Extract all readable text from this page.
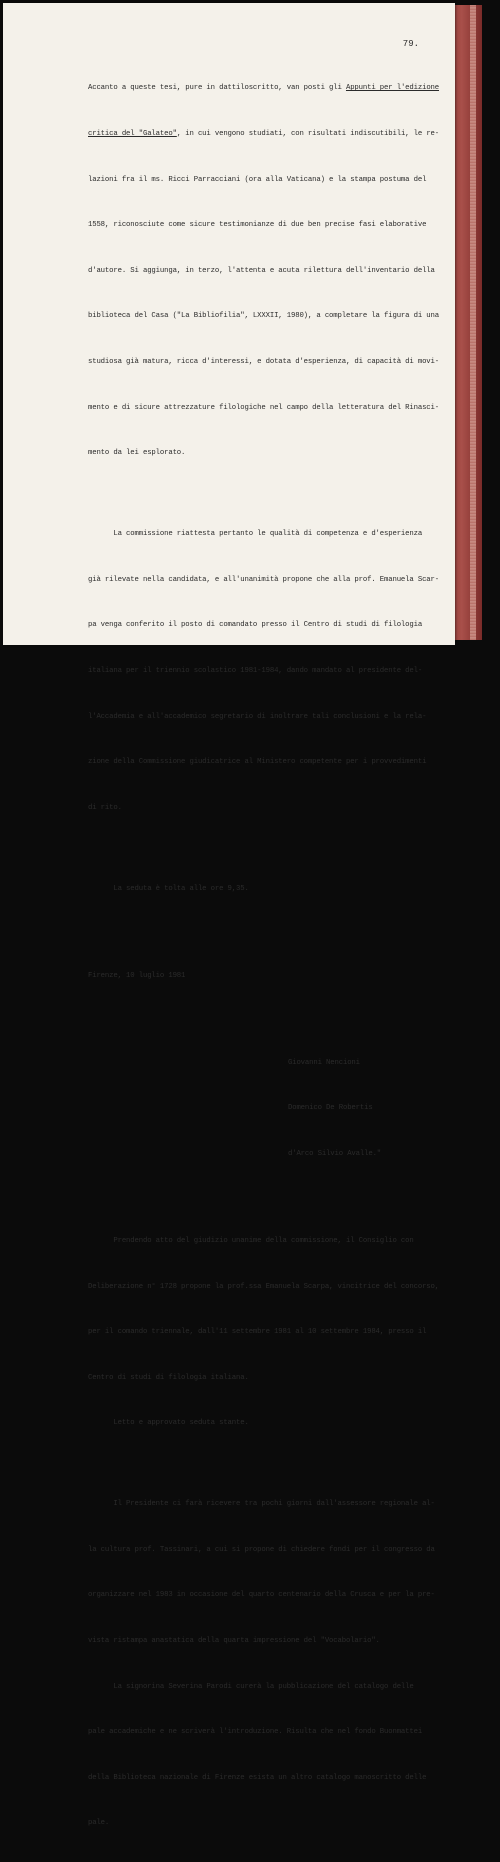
79.

Accanto a queste tesi, pure in dattiloscritto, van posti gli Appunti per l'edizione

critica del "Galateo", in cui vengono studiati, con risultati indiscutibili, le re-

lazioni fra il ms. Ricci Parracciani (ora alla Vaticana) e la stampa postuma del

1558, riconosciute come sicure testimonianze di due ben precise fasi elaborative

d'autore. Si aggiunga, in terzo, l'attenta e acuta rilettura dell'inventario della

biblioteca del Casa ("La Bibliofilia", LXXXII, 1980), a completare la figura di una

studiosa già matura, ricca d'interessi, e dotata d'esperienza, di capacità di movi-

mento e di sicure attrezzature filologiche nel campo della letteratura del Rinasci-

mento da lei esplorato.

La commissione riattesta pertanto le qualità di competenza e d'esperienza

già rilevate nella candidata, e all'unanimità propone che alla prof. Emanuela Scar-

pa venga conferito il posto di comandato presso il Centro di studi di filologia

italiana per il triennio scolastico 1981-1984, dando mandato al presidente del-

l'Accademia e all'accademico segretario di inoltrare tali conclusioni e la rela-

zione della Commissione giudicatrice al Ministero competente per i provvedimenti

di rito.

La seduta è tolta alle ore 9,35.

Firenze, 10 luglio 1981

Giovanni Nencioni

Domenico De Robertis

d'Arco Silvio Avalle."

Prendendo atto del giudizio unanime della commissione, il Consiglio con

Deliberazione n° 1728 propone la prof.ssa Emanuela Scarpa, vincitrice del concorso,

per il comando triennale, dall'11 settembre 1981 al 10 settembre 1984, presso il

Centro di studi di filologia italiana.

Letto e approvato seduta stante.

Il Presidente ci farà ricevere tra pochi giorni dall'assessore regionale al-

la cultura prof. Tassinari, a cui si propone di chiedere fondi per il congresso da

organizzare nel 1983 in occasione del quarto centenario della Crusca e per la pre-

vista ristampa anastatica della quarta impressione del "Vocabolario".

La signorina Severina Parodi curerà la pubblicazione del catalogo delle

pale accademiche e ne scriverà l'introduzione. Risulta che nel fondo Buonmattei

della Biblioteca nazionale di Firenze esista un altro catalogo manoscritto delle

pale.
